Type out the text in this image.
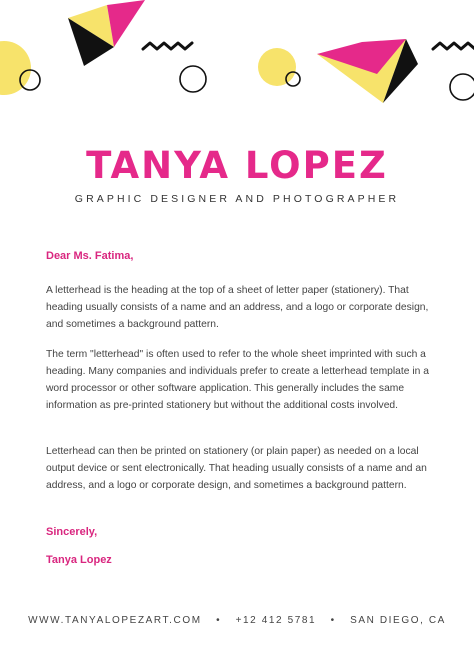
TANYA LOPEZ
GRAPHIC DESIGNER AND PHOTOGRAPHER
Dear Ms. Fatima,

A letterhead is the heading at the top of a sheet of letter paper (stationery). That heading usually consists of a name and an address, and a logo or corporate design, and sometimes a background pattern.

The term "letterhead" is often used to refer to the whole sheet imprinted with such a heading. Many companies and individuals prefer to create a letterhead template in a word processor or other software application. This generally includes the same information as pre-printed stationery but without the additional costs involved.

Letterhead can then be printed on stationery (or plain paper) as needed on a local output device or sent electronically. That heading usually consists of a name and an address, and a logo or corporate design, and sometimes a background pattern.

Sincerely,
Tanya Lopez
WWW.TANYALOPEZART.COM • +12 412 5781 • SAN DIEGO, CA
